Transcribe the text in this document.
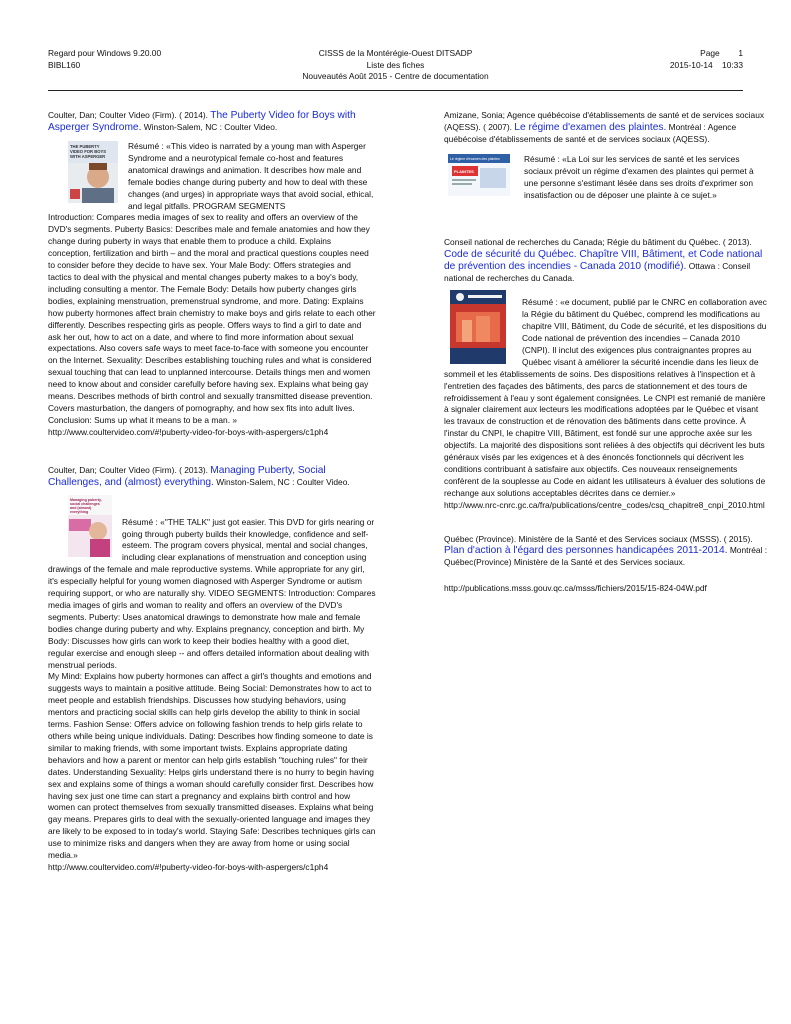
Regard pour Windows 9.20.00
BIBL160
CISSS de la Montérégie-Ouest DITSADP
Liste des fiches
Nouveautés Août 2015 - Centre de documentation
Page 1
2015-10-14 10:33

Coulter, Dan; Coulter Video (Firm). ( 2014). The Puberty Video for Boys with Asperger Syndrome. Winston-Salem, NC : Coulter Video.

THE PUBERTY
VIDEO FOR BOYS
WITH ASPERGER

Résumé : «This video is narrated by a young man with Asperger Syndrome and a neurotypical female co-host and features anatomical drawings and animation. It describes how male and female bodies change during puberty and how to deal with these changes (and urges) in appropriate ways that avoid social, ethical, and legal pitfalls. PROGRAM SEGMENTS

Introduction: Compares media images of sex to reality and offers an overview of the DVD's segments. Puberty Basics: Describes male and female anatomies and how they change during puberty in ways that enable them to produce a child. Explains conception, fertilization and birth – and the moral and practical questions couples need to consider before they decide to have sex. Your Male Body: Offers strategies and tactics to deal with the physical and mental changes puberty makes to a boy's body, including consulting a mentor. The Female Body: Details how puberty changes girls bodies, explaining menstruation, premenstrual syndrome, and more. Dating: Explains how puberty hormones affect brain chemistry to make boys and girls relate to each other differently. Describes respecting girls as people. Offers ways to find a girl to date and ask her out, how to act on a date, and where to find more information about sexual expectations. Also covers safe ways to meet face-to-face with someone you encounter on the Internet. Sexuality: Describes establishing touching rules and what is considered sexual touching that can lead to unplanned intercourse. Details things men and women need to know about and consider carefully before having sex. Explains what being gay means. Describes methods of birth control and sexually transmitted disease prevention. Covers masturbation, the dangers of pornography, and how sex fits into adult lives.

Conclusion: Sums up what it means to be a man. »

http://www.coultervideo.com/#!puberty-video-for-boys-with-aspergers/c1ph4

Coulter, Dan; Coulter Video (Firm). ( 2013). Managing Puberty, Social Challenges, and (almost) everything. Winston-Salem, NC : Coulter Video.

Managing puberty,
social challenges
and (almost)
everything

Résumé : «"THE TALK" just got easier. This DVD for girls nearing or going through puberty builds their knowledge, confidence and self-esteem. The program covers physical, mental and social changes, including clear explanations of menstruation and conception using drawings of the female and male reproductive systems. While appropriate for any girl, it's especially helpful for young women diagnosed with Asperger Syndrome or autism requiring support, or who are naturally shy. VIDEO SEGMENTS: Introduction: Compares media images of girls and woman to reality and offers an overview of the DVD's segments. Puberty: Uses anatomical drawings to demonstrate how male and female bodies change during puberty and why. Explains pregnancy, conception and birth. My Body: Discusses how girls can work to keep their bodies healthy with a good diet, regular exercise and enough sleep -- and offers detailed information about dealing with menstrual periods.

My Mind: Explains how puberty hormones can affect a girl's thoughts and emotions and suggests ways to maintain a positive attitude. Being Social: Demonstrates how to act to meet people and establish friendships. Discusses how studying behaviors, using mentors and practicing social skills can help girls develop the ability to think in social terms. Fashion Sense: Offers advice on following fashion trends to help girls relate to others while being unique individuals. Dating: Describes how finding someone to date is similar to making friends, with some important twists. Explains appropriate dating behaviors and how a parent or mentor can help girls establish "touching rules" for their dates. Understanding Sexuality: Helps girls understand there is no hurry to begin having sex and explains some of things a woman should carefully consider first. Describes how having sex just one time can start a pregnancy and explains birth control and how women can protect themselves from sexually transmitted diseases. Explains what being gay means. Prepares girls to deal with the sexually-oriented language and images they are likely to be exposed to in today's world. Staying Safe: Describes techniques girls can use to minimize risks and dangers when they are away from home or using social media.»

http://www.coultervideo.com/#!puberty-video-for-boys-with-aspergers/c1ph4

Amizane, Sonia; Agence québécoise d'établissements de santé et de services sociaux (AQESS). ( 2007). Le régime d'examen des plaintes. Montréal : Agence québécoise d'établissements de santé et de services sociaux (AQESS).

Le régime d'examen des plaintes
PLAINTES

Résumé : «La Loi sur les services de santé et les services sociaux prévoit un régime d'examen des plaintes qui permet à une personne s'estimant lésée dans ses droits d'exprimer son insatisfaction ou de déposer une plainte à ce sujet.»

Conseil national de recherches du Canada; Régie du bâtiment du Québec. ( 2013). Code de sécurité du Québec. Chapître VIII, Bâtiment, et Code national de prévention des incendies - Canada 2010 (modifié). Ottawa : Conseil national de recherches du Canada.

Résumé : «e document, publié par le CNRC en collaboration avec la Régie du bâtiment du Québec, comprend les modifications au chapitre VIII, Bâtiment, du Code de sécurité, et les dispositions du Code national de prévention des incendies – Canada 2010 (CNPI). Il inclut des exigences plus contraignantes propres au Québec visant à améliorer la sécurité incendie dans les lieux de sommeil et les établissements de soins. Des dispositions relatives à l'inspection et à l'entretien des façades des bâtiments, des parcs de stationnement et des tours de refroidissement à l'eau y sont également consignées. Le CNPI est remanié de manière à signaler clairement aux lecteurs les modifications adoptées par le Québec et visant les travaux de construction et de rénovation des bâtiments dans cette province. À l'instar du CNPI, le chapitre VIII, Bâtiment, est fondé sur une approche axée sur les objectifs. La majorité des dispositions sont reliées à des objectifs qui décrivent les buts généraux visés par les exigences et à des énoncés fonctionnels qui décrivent les conditions contribuant à satisfaire aux objectifs. Ces nouveaux renseignements confèrent de la souplesse au Code en aidant les utilisateurs à évaluer des solutions de rechange aux solutions acceptables décrites dans ce dernier.»

http://www.nrc-cnrc.gc.ca/fra/publications/centre_codes/csq_chapitre8_cnpi_2010.html

Québec (Province). Ministère de la Santé et des Services sociaux (MSSS). ( 2015). Plan d'action à l'égard des personnes handicapées 2011-2014. Montréal : Québec(Province) Ministère de la Santé et des Services sociaux.

http://publications.msss.gouv.qc.ca/msss/fichiers/2015/15-824-04W.pdf
